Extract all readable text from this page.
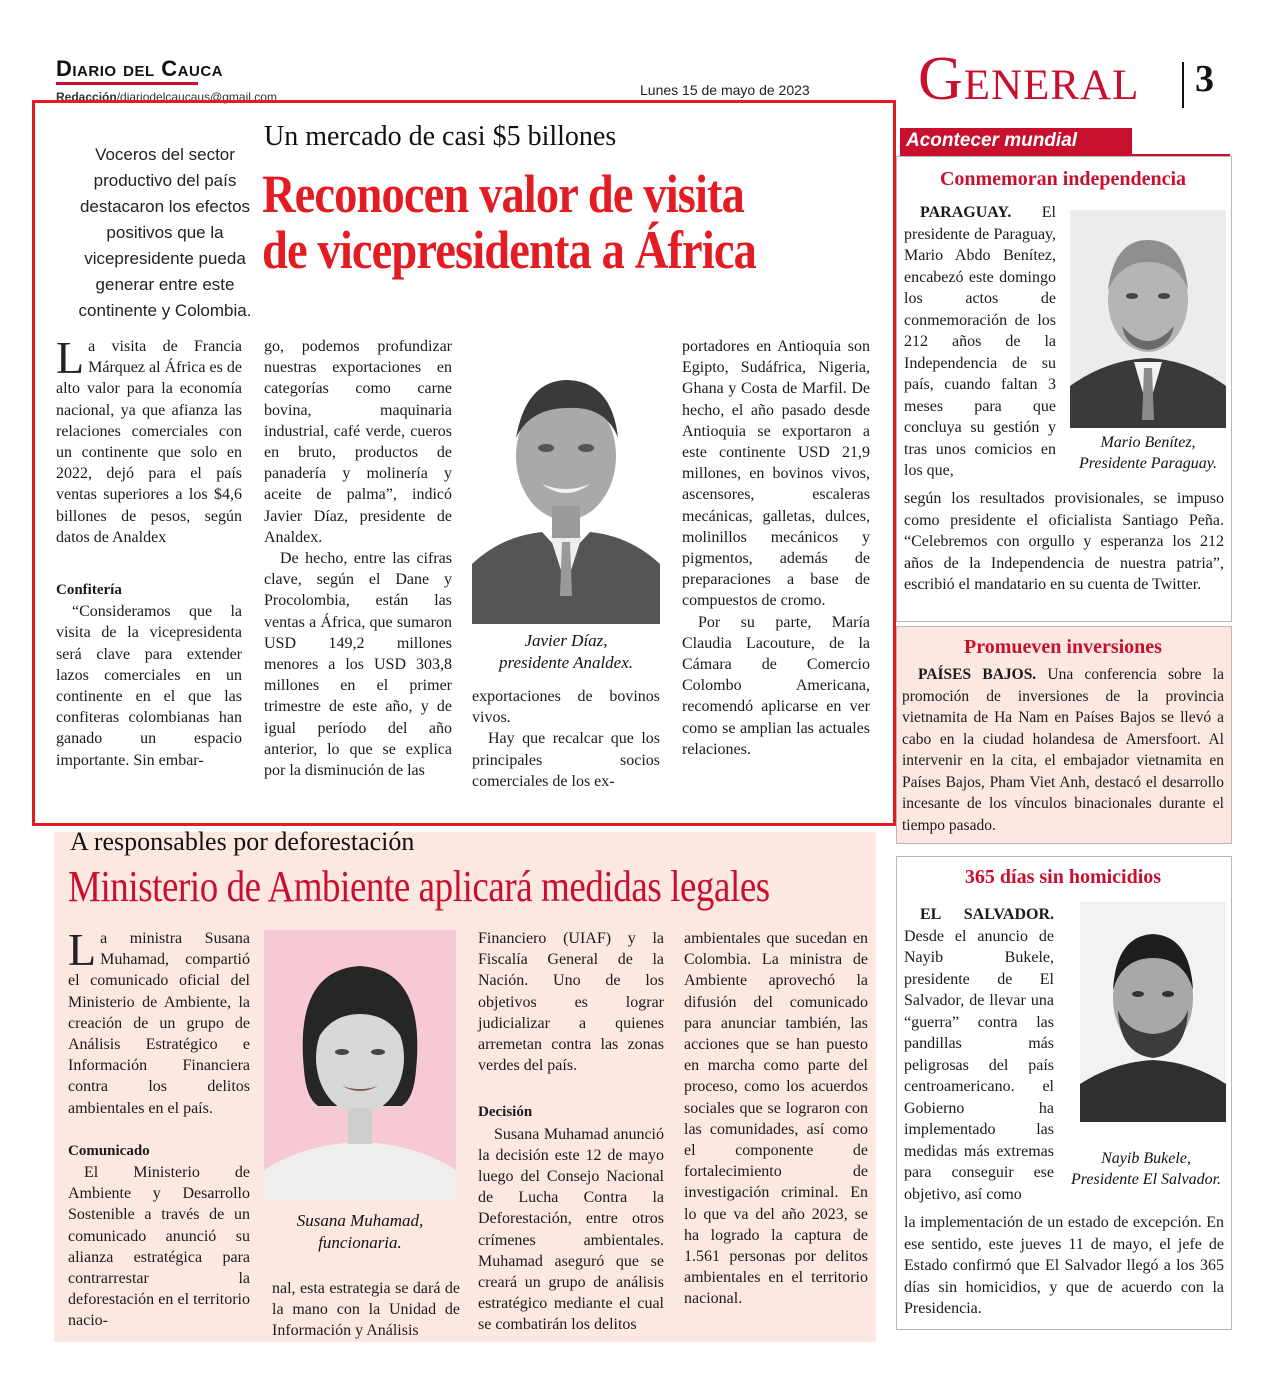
Diario del Cauca
Redacción/diariodelcaucaus@gmail.com	Lunes 15 de mayo de 2023 General 3
Voceros del sector productivo del país destacaron los efectos positivos que la vicepresidente pueda generar entre este continente y Colombia.
Un mercado de casi $5 billones
Reconocen valor de visita
de vicepresidenta a África

La visita de Francia Márquez al África es de alto valor para la economía nacional, ya que afianza las relaciones comerciales con un continente que solo en 2022, dejó para el país ventas superiores a los $4,6 billones de pesos, según datos de Analdex

Confitería

“Consideramos que la visita de la vicepresidenta será clave para extender lazos comerciales en un continente en el que las confiteras colombianas han ganado un espacio importante. Sin embar-

go, podemos profundizar nuestras exportaciones en categorías como carne bovina, maquinaria industrial, café verde, cueros en bruto, productos de panadería y molinería y aceite de palma”, indicó Javier Díaz, presidente de Analdex.

De hecho, entre las cifras clave, según el Dane y Procolombia, están las ventas a África, que sumaron USD 149,2 millones menores a los USD 303,8 millones en el primer trimestre de este año, y de igual período del año anterior, lo que se explica por la disminución de las

Javier Díaz,
presidente Analdex.

exportaciones de bovinos vivos.

Hay que recalcar que los principales socios comerciales de los ex-

portadores en Antioquia son Egipto, Sudáfrica, Nigeria, Ghana y Costa de Marfil. De hecho, el año pasado desde Antioquia se exportaron a este continente USD 21,9 millones, en bovinos vivos, ascensores, escaleras mecánicas, galletas, dulces, molinillos mecánicos y pigmentos, además de preparaciones a base de compuestos de cromo.

Por su parte, María Claudia Lacouture, de la Cámara de Comercio Colombo Americana, recomendó aplicarse en ver como se amplian las actuales relaciones.

A responsables por deforestación
Ministerio de Ambiente aplicará medidas legales

La ministra Susana Muhamad, compartió el comunicado oficial del Ministerio de Ambiente, la creación de un grupo de Análisis Estratégico e Información Financiera contra los delitos ambientales en el país.

Comunicado

El Ministerio de Ambiente y Desarrollo Sostenible a través de un comunicado anunció su alianza estratégica para contrarrestar la deforestación en el territorio nacio-

Susana Muhamad,
funcionaria.

nal, esta estrategia se dará de la mano con la Unidad de Información y Análisis

Financiero (UIAF) y la Fiscalía General de la Nación. Uno de los objetivos es lograr judicializar a quienes arremetan contra las zonas verdes del país.

Decisión

Susana Muhamad anunció la decisión este 12 de mayo luego del Consejo Nacional de Lucha Contra la Deforestación, entre otros crímenes ambientales. Muhamad aseguró que se creará un grupo de análisis estratégico mediante el cual se combatirán los delitos

ambientales que sucedan en Colombia. La ministra de Ambiente aprovechó la difusión del comunicado para anunciar también, las acciones que se han puesto en marcha como parte del proceso, como los acuerdos sociales que se lograron con las comunidades, así como el componente de fortalecimiento de investigación criminal. En lo que va del año 2023, se ha logrado la captura de 1.561 personas por delitos ambientales en el territorio nacional.

Acontecer mundial
Conmemoran independencia
Mario Benítez,
Presidente Paraguay.

PARAGUAY. El presidente de Paraguay, Mario Abdo Benítez, encabezó este domingo los actos de conmemoración de los 212 años de la Independencia de su país, cuando faltan 3 meses para que concluya su gestión y tras unos comicios en los que,

según los resultados provisionales, se impuso como presidente el oficialista Santiago Peña. “Celebremos con orgullo y esperanza los 212 años de la Independencia de nuestra patria”, escribió el mandatario en su cuenta de Twitter.

Promueven inversiones

PAÍSES BAJOS. Una conferencia sobre la promoción de inversiones de la provincia vietnamita de Ha Nam en Países Bajos se llevó a cabo en la ciudad holandesa de Amersfoort. Al intervenir en la cita, el embajador vietnamita en Países Bajos, Pham Viet Anh, destacó el desarrollo incesante de los vínculos binacionales durante el tiempo pasado.

365 días sin homicidios
Nayib Bukele,
Presidente El Salvador.

EL SALVADOR. Desde el anuncio de Nayib Bukele, presidente de El Salvador, de llevar una “guerra” contra las pandillas más peligrosas del país centroamericano. el Gobierno ha implementado las medidas más extremas para conseguir ese objetivo, así como

la implementación de un estado de excepción. En ese sentido, este jueves 11 de mayo, el jefe de Estado confirmó que El Salvador llegó a los 365 días sin homicidios, y que de acuerdo con la Presidencia.
